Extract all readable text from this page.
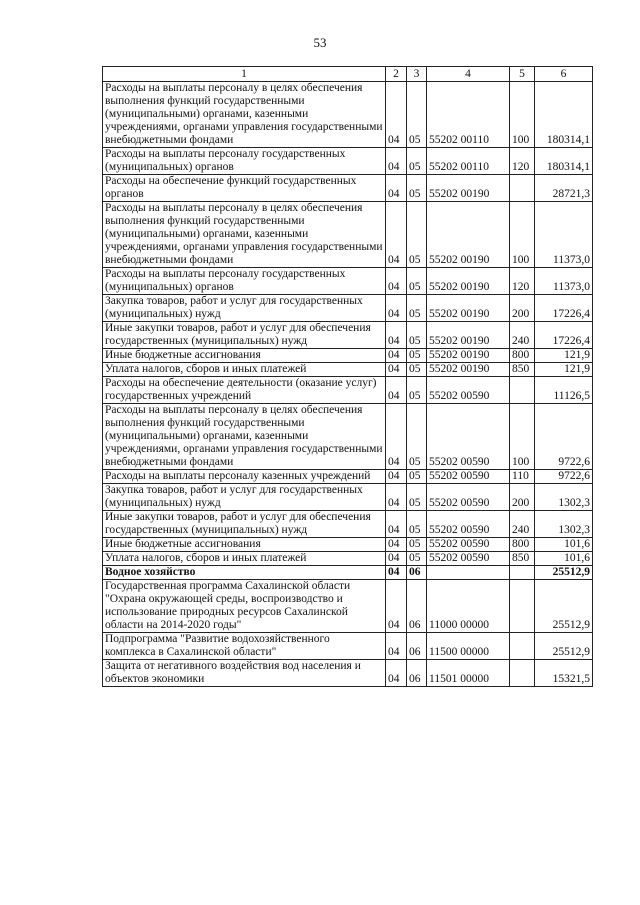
53
1	2	3	4	5	6
Расходы на выплаты персоналу в целях обеспечения выполнения функций государственными (муниципальными) органами, казенными учреждениями, органами управления государственными внебюджетными фондами	04	05	55202 00110	100	180314,1
Расходы на выплаты персоналу государственных (муниципальных) органов	04	05	55202 00110	120	180314,1
Расходы на обеспечение функций государственных органов	04	05	55202 00190		28721,3
Расходы на выплаты персоналу в целях обеспечения выполнения функций государственными (муниципальными) органами, казенными учреждениями, органами управления государственными внебюджетными фондами	04	05	55202 00190	100	11373,0
Расходы на выплаты персоналу государственных (муниципальных) органов	04	05	55202 00190	120	11373,0
Закупка товаров, работ и услуг для государственных (муниципальных) нужд	04	05	55202 00190	200	17226,4
Иные закупки товаров, работ и услуг для обеспечения государственных (муниципальных) нужд	04	05	55202 00190	240	17226,4
Иные бюджетные ассигнования	04	05	55202 00190	800	121,9
Уплата налогов, сборов и иных платежей	04	05	55202 00190	850	121,9
Расходы на обеспечение деятельности (оказание услуг) государственных учреждений	04	05	55202 00590		11126,5
Расходы на выплаты персоналу в целях обеспечения выполнения функций государственными (муниципальными) органами, казенными учреждениями, органами управления государственными внебюджетными фондами	04	05	55202 00590	100	9722,6
Расходы на выплаты персоналу казенных учреждений	04	05	55202 00590	110	9722,6
Закупка товаров, работ и услуг для государственных (муниципальных) нужд	04	05	55202 00590	200	1302,3
Иные закупки товаров, работ и услуг для обеспечения государственных (муниципальных) нужд	04	05	55202 00590	240	1302,3
Иные бюджетные ассигнования	04	05	55202 00590	800	101,6
Уплата налогов, сборов и иных платежей	04	05	55202 00590	850	101,6
Водное хозяйство	04	06			25512,9
Государственная программа Сахалинской области "Охрана окружающей среды, воспроизводство и использование природных ресурсов Сахалинской области на 2014-2020 годы"	04	06	11000 00000		25512,9
Подпрограмма "Развитие водохозяйственного комплекса в Сахалинской области"	04	06	11500 00000		25512,9
Защита от негативного воздействия вод населения и объектов экономики	04	06	11501 00000		15321,5
